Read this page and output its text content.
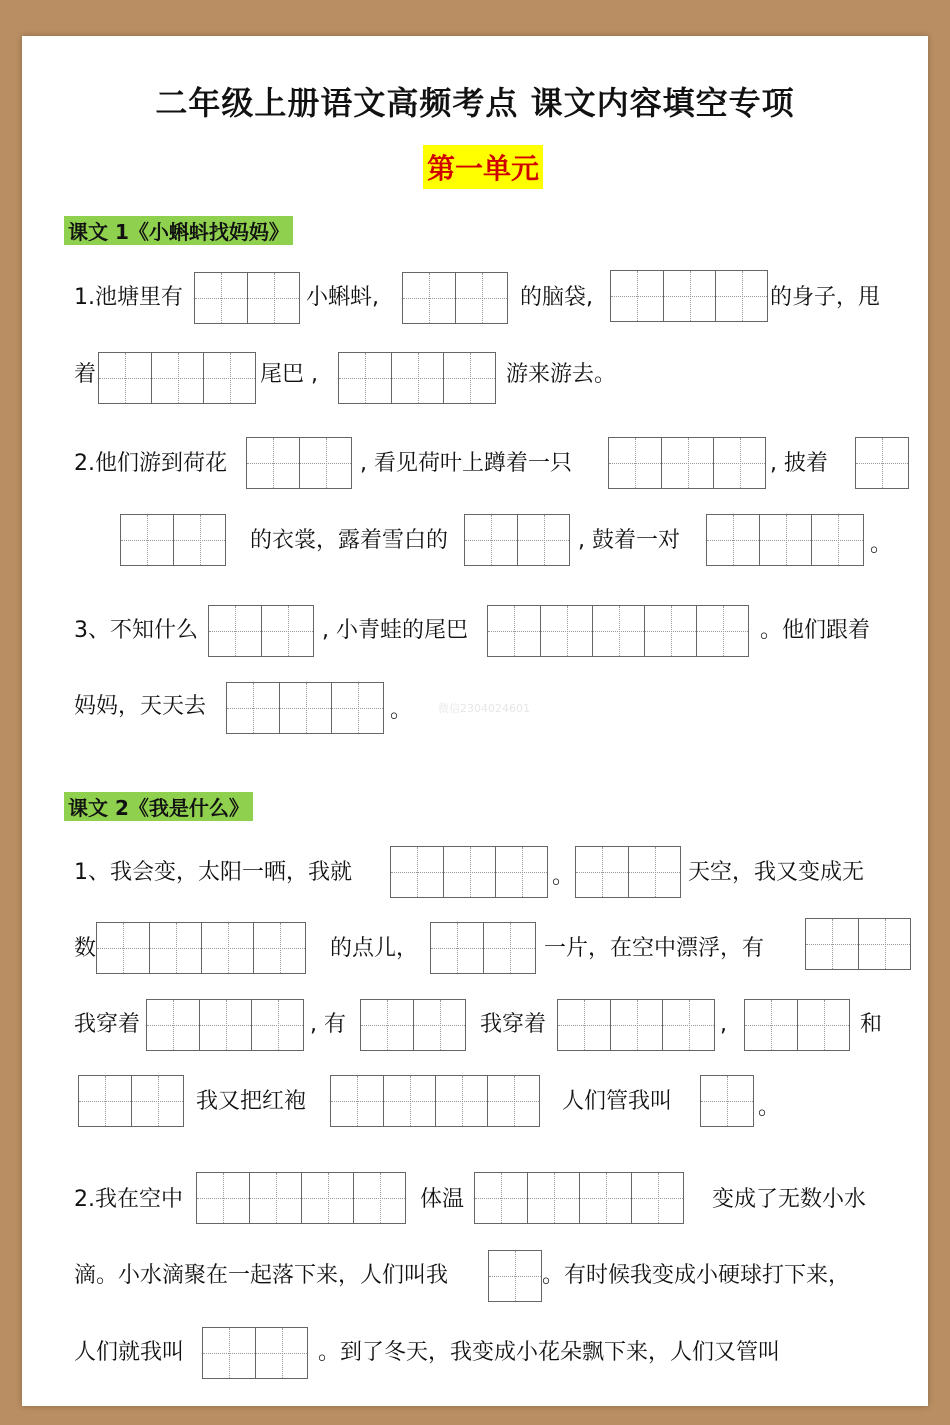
二年级上册语文高频考点 课文内容填空专项
第一单元
课文 1《小蝌蚪找妈妈》
1.池塘里有	小蝌蚪,	的脑袋,	的身子，甩
着	尾巴 ,	游来游去。
2.他们游到荷花	, 看见荷叶上蹲着一只	, 披着
的衣裳，露着雪白的	, 鼓着一对	。
3、不知什么	, 小青蛙的尾巴	。他们跟着
妈妈，天天去	。 微信2304024601
课文 2《我是什么》
1、我会变，太阳一晒，我就	。	天空，我又变成无
数	的点儿，	一片，在空中漂浮，有
我穿着	, 有	我穿着	,	和
我又把红袍	人们管我叫	。
2.我在空中	体温	变成了无数小水
滴。小水滴聚在一起落下来，人们叫我	。有时候我变成小硬球打下来，
人们就我叫	。到了冬天，我变成小花朵飘下来，人们又管叫
